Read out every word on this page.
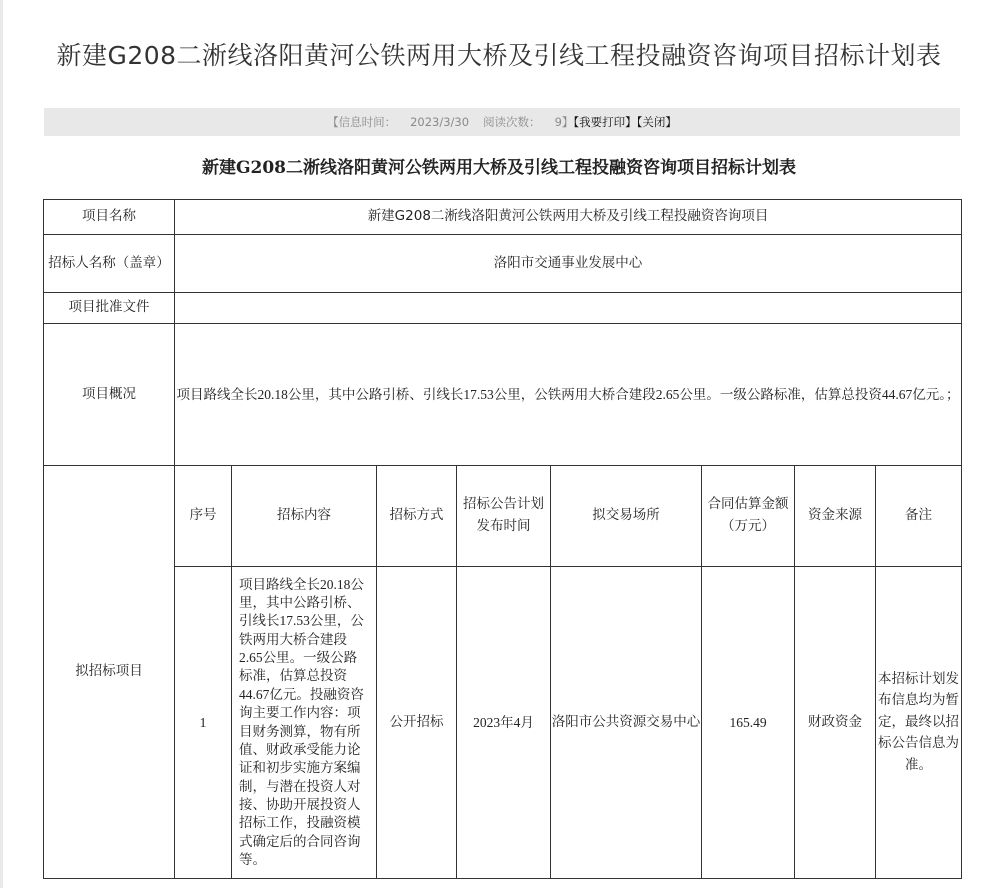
新建G208二淅线洛阳黄河公铁两用大桥及引线工程投融资咨询项目招标计划表
【信息时间： 2023/3/30 阅读次数： 9】【我要打印】【关闭】
新建G208二淅线洛阳黄河公铁两用大桥及引线工程投融资咨询项目招标计划表
项目名称	新建G208二淅线洛阳黄河公铁两用大桥及引线工程投融资咨询项目							
招标人名称（盖章）	洛阳市交通事业发展中心							
项目批准文件								
项目概况	项目路线全长20.18公里，其中公路引桥、引线长17.53公里，公铁两用大桥合建段2.65公里。一级公路标准，估算总投资44.67亿元。；							
拟招标项目	序号	招标内容	招标方式	招标公告计划发布时间	拟交易场所	合同估算金额（万元）	资金来源	备注
	1	项目路线全长20.18公里，其中公路引桥、引线长17.53公里，公铁两用大桥合建段2.65公里。一级公路标准，估算总投资44.67亿元。投融资咨询主要工作内容：项目财务测算，物有所值、财政承受能力论证和初步实施方案编制，与潜在投资人对接、协助开展投资人招标工作，投融资模式确定后的合同咨询等。	公开招标	2023年4月	洛阳市公共资源交易中心	165.49	财政资金	本招标计划发布信息均为暂定，最终以招标公告信息为准。
